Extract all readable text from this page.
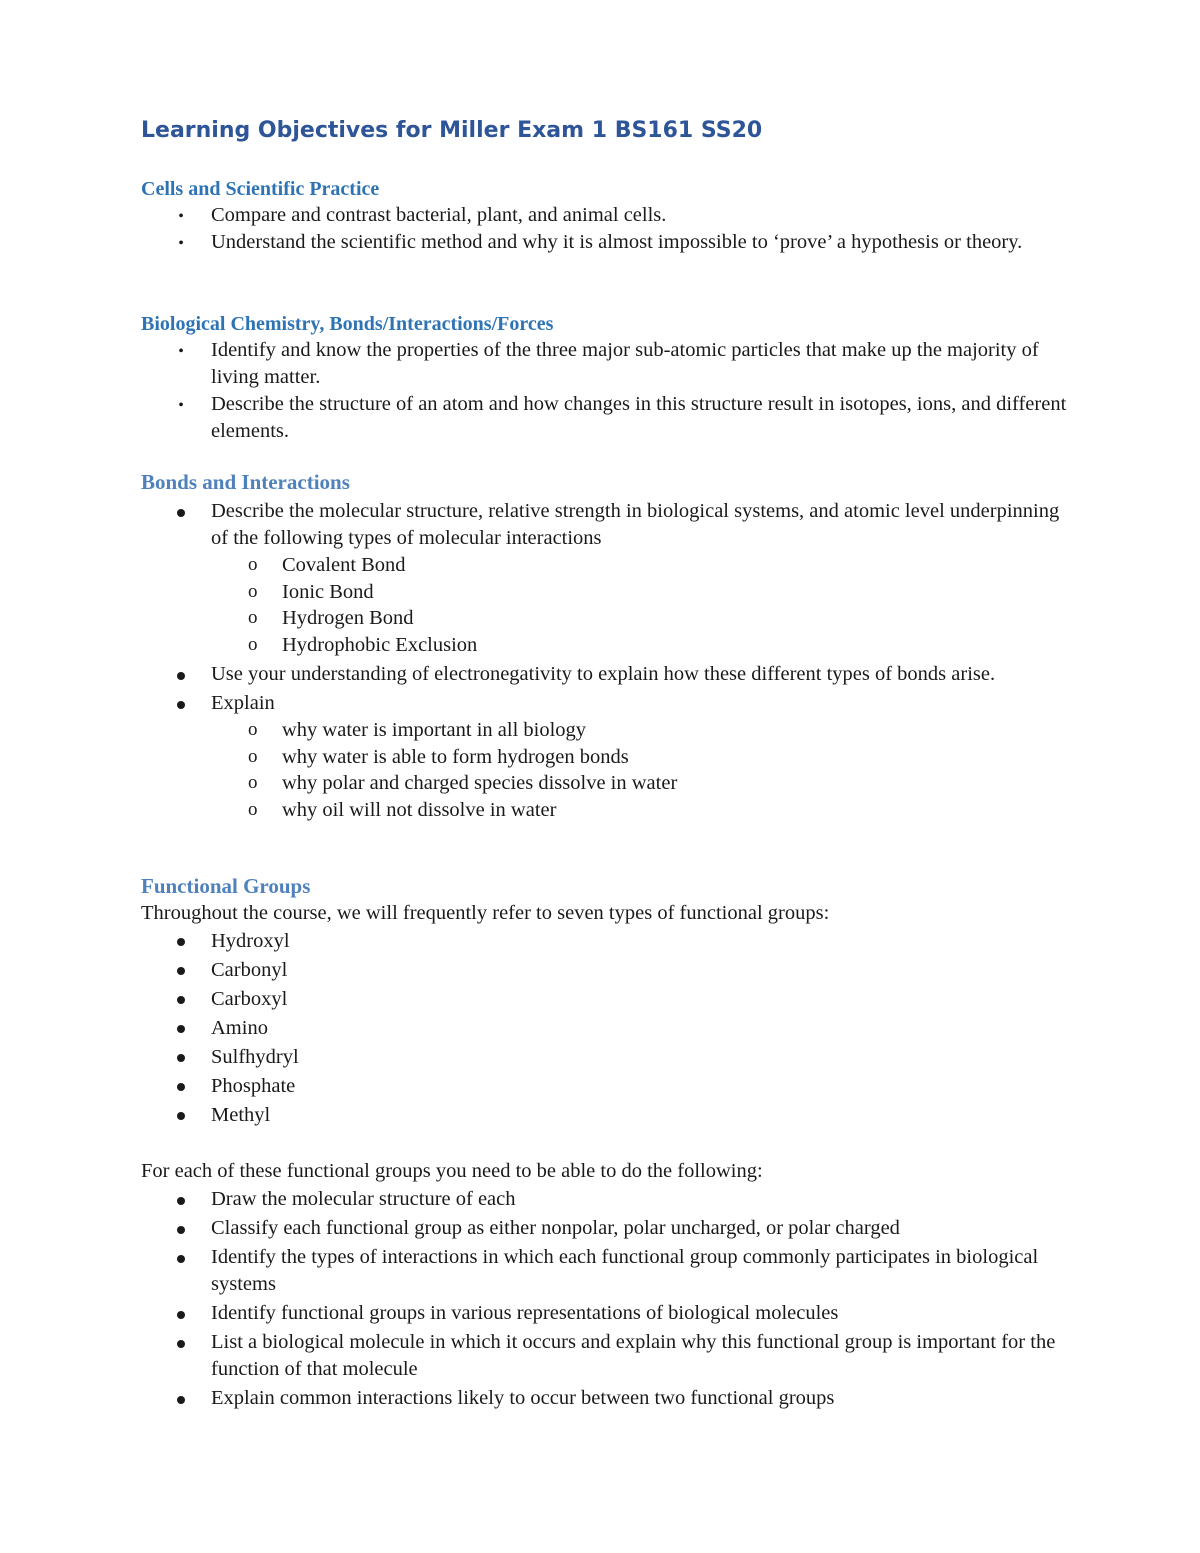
Learning Objectives for Miller Exam 1 BS161 SS20
Cells and Scientific Practice
•
Compare and contrast bacterial, plant, and animal cells.
•
Understand the scientific method and why it is almost impossible to ‘prove’ a hypothesis or theory.
Biological Chemistry, Bonds/Interactions/Forces
•
Identify and know the properties of the three major sub-atomic particles that make up the majority of living matter.
•
Describe the structure of an atom and how changes in this structure result in isotopes, ions, and different elements.
Bonds and Interactions
Describe the molecular structure, relative strength in biological systems, and atomic level underpinning of the following types of molecular interactions
o Covalent Bond
o Ionic Bond
o Hydrogen Bond
o Hydrophobic Exclusion
Use your understanding of electronegativity to explain how these different types of bonds arise.
Explain
o why water is important in all biology
o why water is able to form hydrogen bonds
o why polar and charged species dissolve in water
o why oil will not dissolve in water
Functional Groups

Throughout the course, we will frequently refer to seven types of functional groups:

Hydroxyl
Carbonyl
Carboxyl
Amino
Sulfhydryl
Phosphate
Methyl

For each of these functional groups you need to be able to do the following:

Draw the molecular structure of each
Classify each functional group as either nonpolar, polar uncharged, or polar charged
Identify the types of interactions in which each functional group commonly participates in biological systems
Identify functional groups in various representations of biological molecules
List a biological molecule in which it occurs and explain why this functional group is important for the function of that molecule
Explain common interactions likely to occur between two functional groups
